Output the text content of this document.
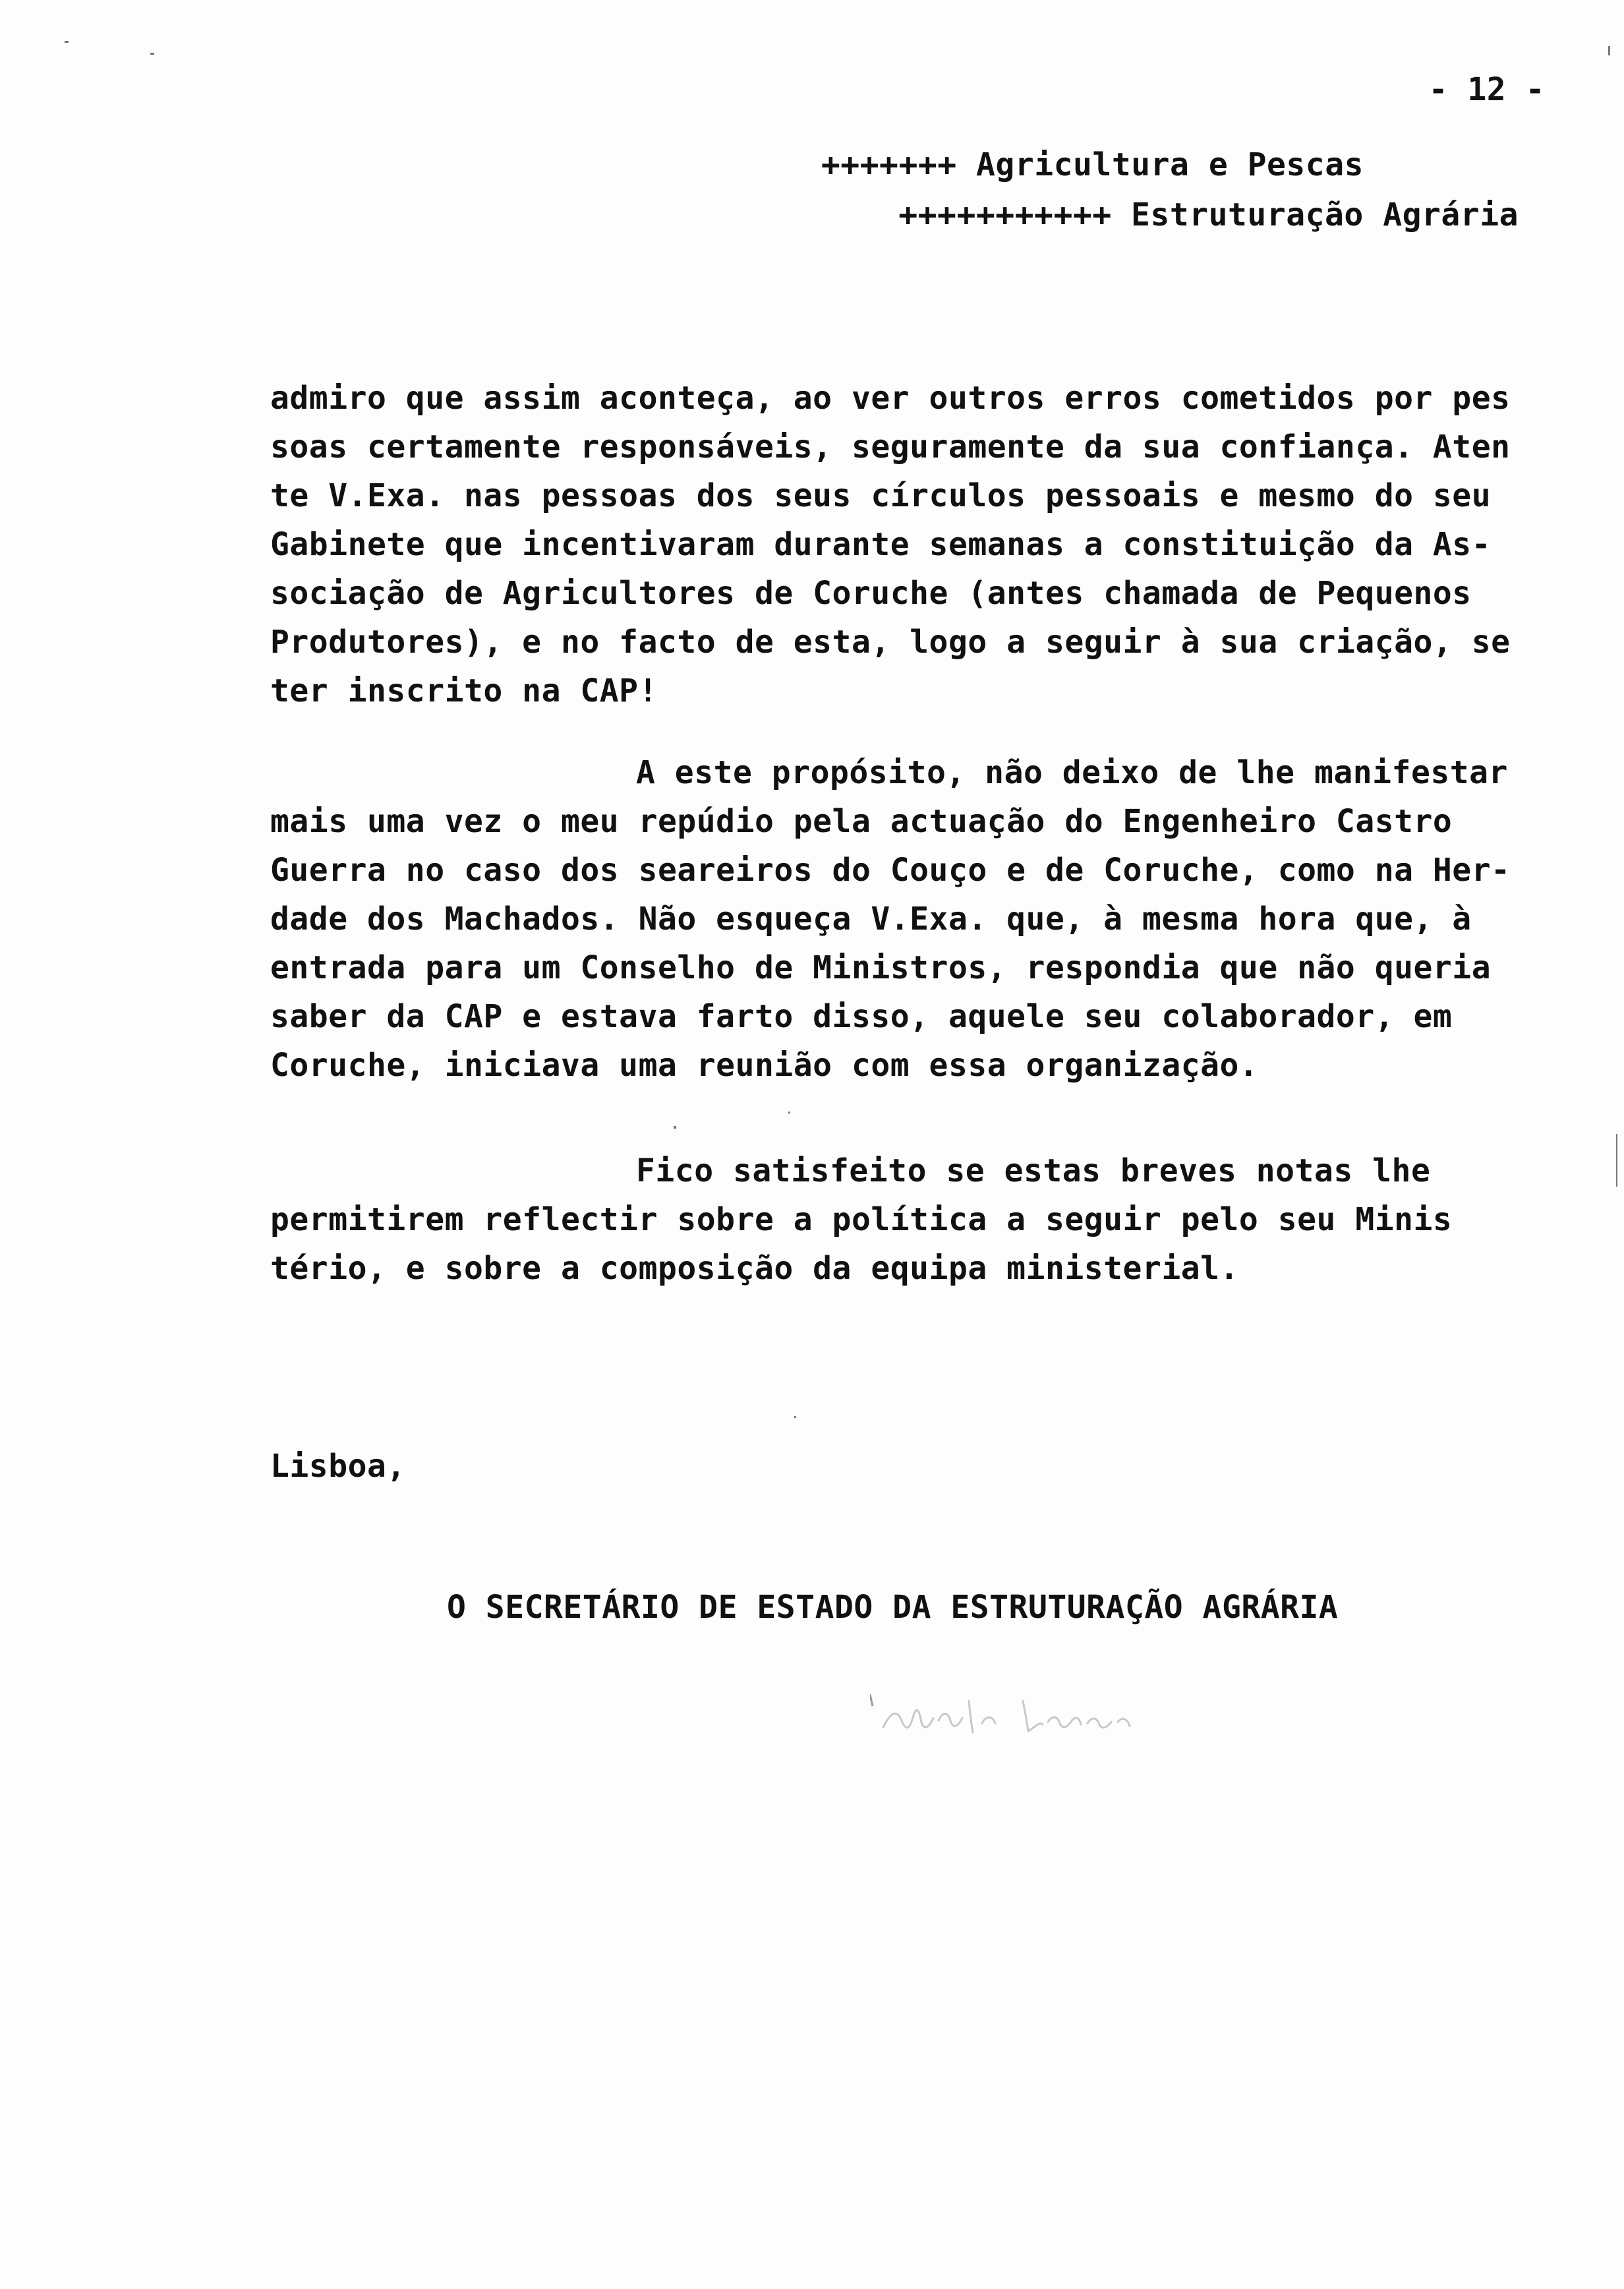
- 12 -
+++++++ Agricultura e Pescas
+++++++++++ Estruturação Agrária
admiro que assim aconteça, ao ver outros erros cometidos por pes
soas certamente responsáveis, seguramente da sua confiança. Aten
te V.Exa. nas pessoas dos seus círculos pessoais e mesmo do seu
Gabinete que incentivaram durante semanas a constituição da As-
sociação de Agricultores de Coruche (antes chamada de Pequenos
Produtores), e no facto de esta, logo a seguir à sua criação, se
ter inscrito na CAP!
A este propósito, não deixo de lhe manifestar
mais uma vez o meu repúdio pela actuação do Engenheiro Castro
Guerra no caso dos seareiros do Couço e de Coruche, como na Her-
dade dos Machados. Não esqueça V.Exa. que, à mesma hora que, à
entrada para um Conselho de Ministros, respondia que não queria
saber da CAP e estava farto disso, aquele seu colaborador, em
Coruche, iniciava uma reunião com essa organização.
Fico satisfeito se estas breves notas lhe
permitirem reflectir sobre a política a seguir pelo seu Minis
tério, e sobre a composição da equipa ministerial.
Lisboa,
O SECRETÁRIO DE ESTADO DA ESTRUTURAÇÃO AGRÁRIA
